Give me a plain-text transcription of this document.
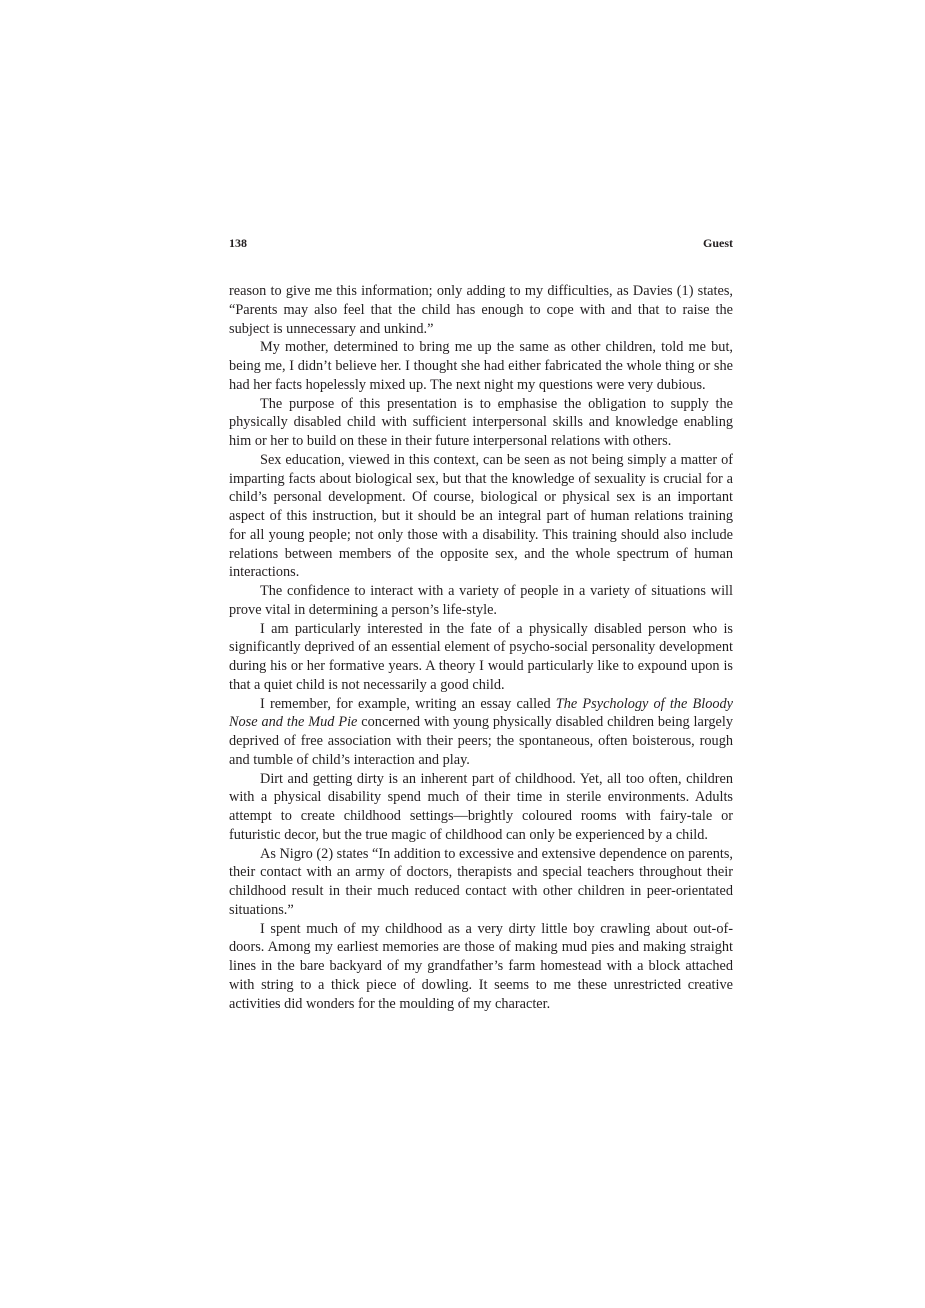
138	Guest

reason to give me this information; only adding to my difficulties, as Davies (1) states, “Parents may also feel that the child has enough to cope with and that to raise the subject is unnecessary and unkind.”

My mother, determined to bring me up the same as other children, told me but, being me, I didn’t believe her. I thought she had either fabricated the whole thing or she had her facts hopelessly mixed up. The next night my questions were very dubious.

The purpose of this presentation is to emphasise the obligation to supply the physically disabled child with sufficient interpersonal skills and knowledge enabling him or her to build on these in their future interpersonal relations with others.

Sex education, viewed in this context, can be seen as not being simply a matter of imparting facts about biological sex, but that the knowledge of sexuality is crucial for a child’s personal development. Of course, biological or physical sex is an important aspect of this instruction, but it should be an integral part of human relations training for all young people; not only those with a disability. This training should also include relations between members of the opposite sex, and the whole spectrum of human interactions.

The confidence to interact with a variety of people in a variety of situations will prove vital in determining a person’s life-style.

I am particularly interested in the fate of a physically disabled person who is significantly deprived of an essential element of psycho-social personality development during his or her formative years. A theory I would particularly like to expound upon is that a quiet child is not necessarily a good child.

I remember, for example, writing an essay called The Psychology of the Bloody Nose and the Mud Pie concerned with young physically disabled children being largely deprived of free association with their peers; the spontaneous, often boisterous, rough and tumble of child’s interaction and play.

Dirt and getting dirty is an inherent part of childhood. Yet, all too often, children with a physical disability spend much of their time in sterile environments. Adults attempt to create childhood settings—brightly coloured rooms with fairy-tale or futuristic decor, but the true magic of childhood can only be experienced by a child.

As Nigro (2) states “In addition to excessive and extensive dependence on parents, their contact with an army of doctors, therapists and special teachers throughout their childhood result in their much reduced contact with other children in peer-orientated situations.”

I spent much of my childhood as a very dirty little boy crawling about out-of-doors. Among my earliest memories are those of making mud pies and making straight lines in the bare backyard of my grandfather’s farm homestead with a block attached with string to a thick piece of dowling. It seems to me these unrestricted creative activities did wonders for the moulding of my character.
